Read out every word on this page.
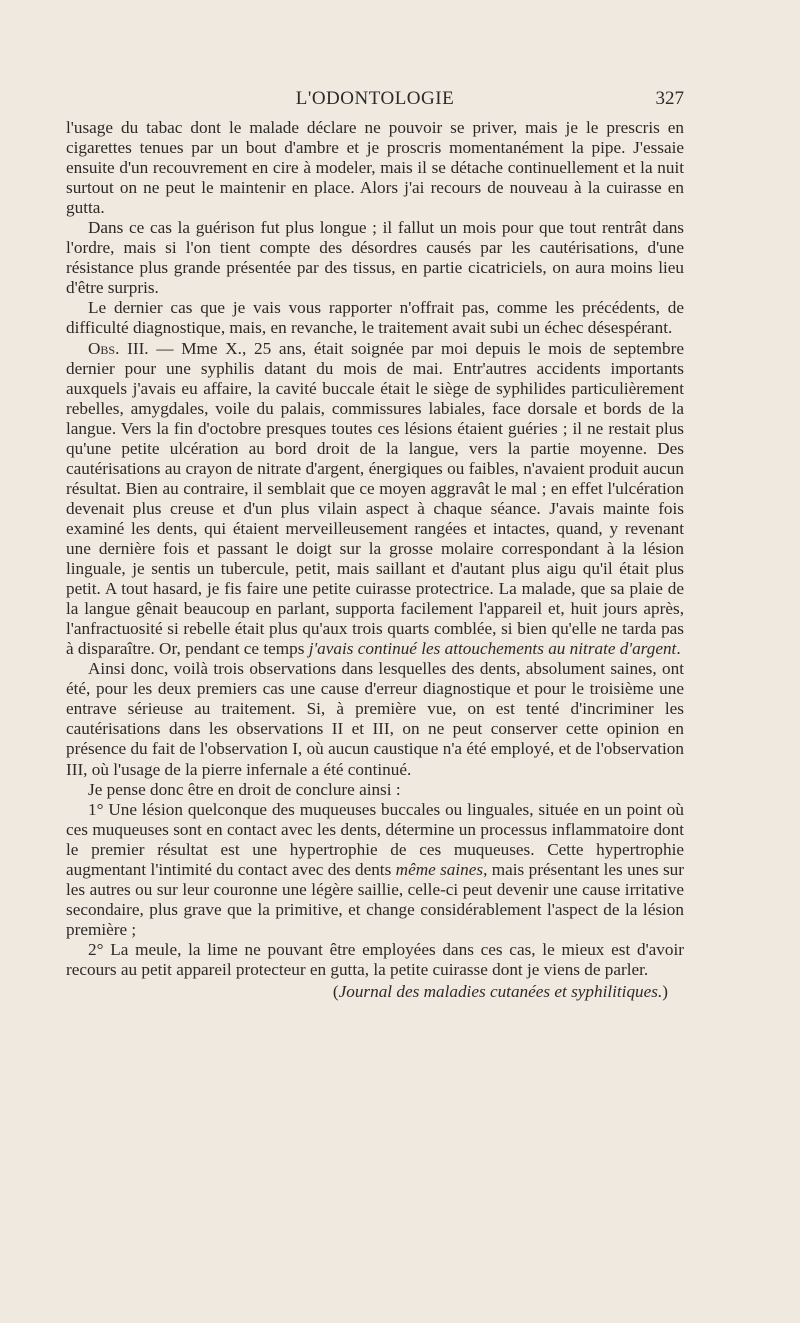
L'ODONTOLOGIE	327

l'usage du tabac dont le malade déclare ne pouvoir se priver, mais je le prescris en cigarettes tenues par un bout d'ambre et je proscris momentanément la pipe. J'essaie ensuite d'un recouvrement en cire à modeler, mais il se détache continuellement et la nuit surtout on ne peut le maintenir en place. Alors j'ai recours de nouveau à la cuirasse en gutta.

Dans ce cas la guérison fut plus longue ; il fallut un mois pour que tout rentrât dans l'ordre, mais si l'on tient compte des désordres causés par les cautérisations, d'une résistance plus grande présentée par des tissus, en partie cicatriciels, on aura moins lieu d'être surpris.

Le dernier cas que je vais vous rapporter n'offrait pas, comme les précédents, de difficulté diagnostique, mais, en revanche, le traitement avait subi un échec désespérant.

Obs. III. — Mme X., 25 ans, était soignée par moi depuis le mois de septembre dernier pour une syphilis datant du mois de mai. Entr'autres accidents importants auxquels j'avais eu affaire, la cavité buccale était le siège de syphilides particulièrement rebelles, amygdales, voile du palais, commissures labiales, face dorsale et bords de la langue. Vers la fin d'octobre presques toutes ces lésions étaient guéries ; il ne restait plus qu'une petite ulcération au bord droit de la langue, vers la partie moyenne. Des cautérisations au crayon de nitrate d'argent, énergiques ou faibles, n'avaient produit aucun résultat. Bien au contraire, il semblait que ce moyen aggravât le mal ; en effet l'ulcération devenait plus creuse et d'un plus vilain aspect à chaque séance. J'avais mainte fois examiné les dents, qui étaient merveilleusement rangées et intactes, quand, y revenant une dernière fois et passant le doigt sur la grosse molaire correspondant à la lésion linguale, je sentis un tubercule, petit, mais saillant et d'autant plus aigu qu'il était plus petit. A tout hasard, je fis faire une petite cuirasse protectrice. La malade, que sa plaie de la langue gênait beaucoup en parlant, supporta facilement l'appareil et, huit jours après, l'anfractuosité si rebelle était plus qu'aux trois quarts comblée, si bien qu'elle ne tarda pas à disparaître. Or, pendant ce temps j'avais continué les attouchements au nitrate d'argent.

Ainsi donc, voilà trois observations dans lesquelles des dents, absolument saines, ont été, pour les deux premiers cas une cause d'erreur diagnostique et pour le troisième une entrave sérieuse au traitement. Si, à première vue, on est tenté d'incriminer les cautérisations dans les observations II et III, on ne peut conserver cette opinion en présence du fait de l'observation I, où aucun caustique n'a été employé, et de l'observation III, où l'usage de la pierre infernale a été continué.

Je pense donc être en droit de conclure ainsi :

1° Une lésion quelconque des muqueuses buccales ou linguales, située en un point où ces muqueuses sont en contact avec les dents, détermine un processus inflammatoire dont le premier résultat est une hypertrophie de ces muqueuses. Cette hypertrophie augmentant l'intimité du contact avec des dents même saines, mais présentant les unes sur les autres ou sur leur couronne une légère saillie, celle-ci peut devenir une cause irritative secondaire, plus grave que la primitive, et change considérablement l'aspect de la lésion première ;

2° La meule, la lime ne pouvant être employées dans ces cas, le mieux est d'avoir recours au petit appareil protecteur en gutta, la petite cuirasse dont je viens de parler.

(Journal des maladies cutanées et syphilitiques.)
